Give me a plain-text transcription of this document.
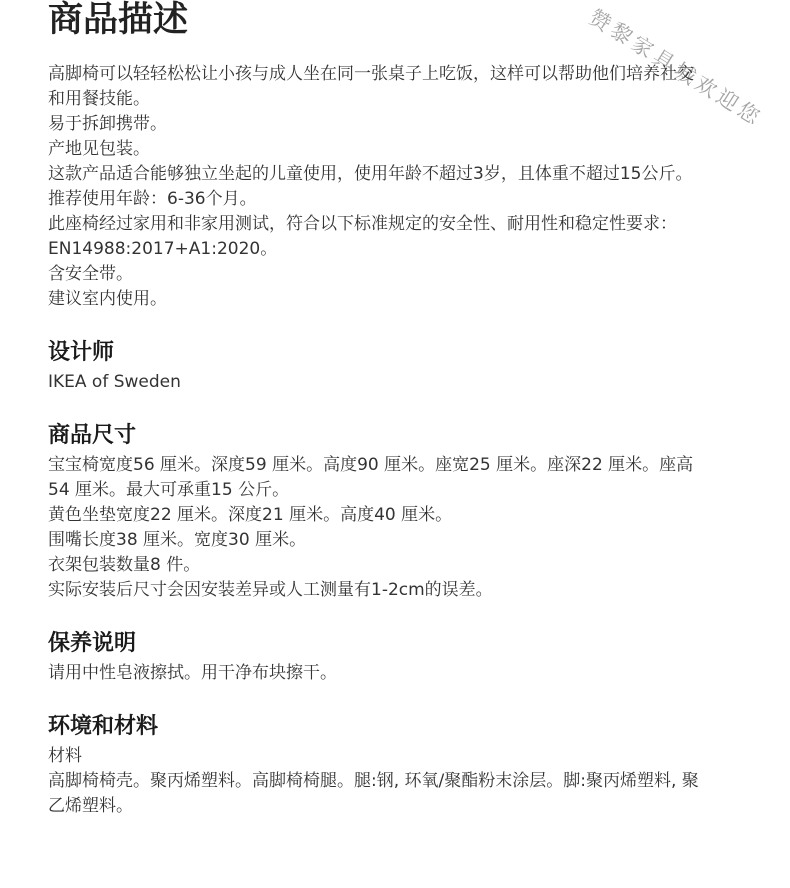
赞黎家具城欢迎您
商品描述
高脚椅可以轻轻松松让小孩与成人坐在同一张桌子上吃饭，这样可以帮助他们培养社交
和用餐技能。
易于拆卸携带。
产地见包装。
这款产品适合能够独立坐起的儿童使用，使用年龄不超过3岁，且体重不超过15公斤。
推荐使用年龄：6-36个月。
此座椅经过家用和非家用测试，符合以下标准规定的安全性、耐用性和稳定性要求：
EN14988:2017+A1:2020。
含安全带。
建议室内使用。
设计师
IKEA of Sweden
商品尺寸
宝宝椅宽度56 厘米。深度59 厘米。高度90 厘米。座宽25 厘米。座深22 厘米。座高
54 厘米。最大可承重15 公斤。
黄色坐垫宽度22 厘米。深度21 厘米。高度40 厘米。
围嘴长度38 厘米。宽度30 厘米。
衣架包装数量8 件。
实际安装后尺寸会因安装差异或人工测量有1-2cm的误差。
保养说明
请用中性皂液擦拭。用干净布块擦干。
环境和材料
材料
高脚椅椅壳。聚丙烯塑料。高脚椅椅腿。腿:钢, 环氧/聚酯粉末涂层。脚:聚丙烯塑料, 聚
乙烯塑料。
